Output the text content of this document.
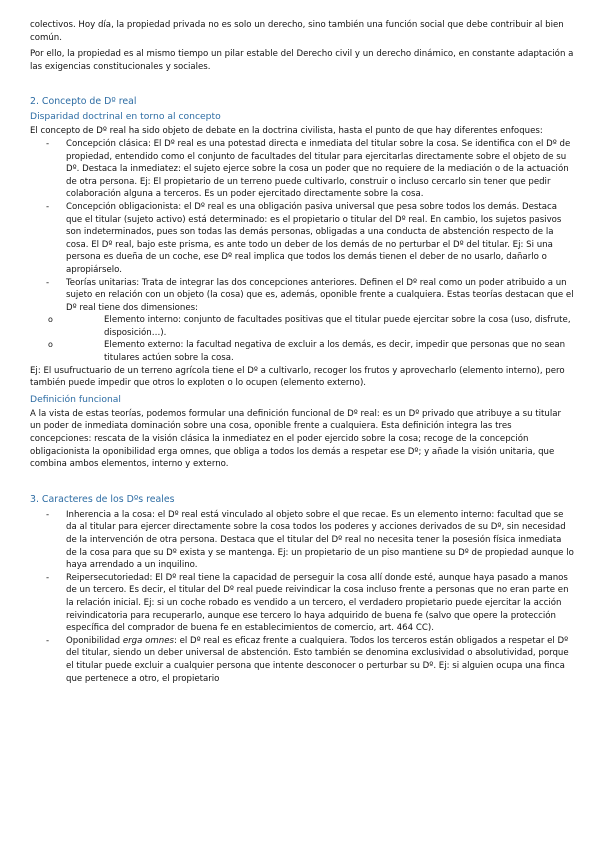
colectivos. Hoy día, la propiedad privada no es solo un derecho, sino también una función social que debe contribuir al bien común.

Por ello, la propiedad es al mismo tiempo un pilar estable del Derecho civil y un derecho dinámico, en constante adaptación a las exigencias constitucionales y sociales.

2. Concepto de Dº real
Disparidad doctrinal en torno al concepto

El concepto de Dº real ha sido objeto de debate en la doctrina civilista, hasta el punto de que hay diferentes enfoques:

- Concepción clásica: El Dº real es una potestad directa e inmediata del titular sobre la cosa. Se identifica con el Dº de propiedad, entendido como el conjunto de facultades del titular para ejercitarlas directamente sobre el objeto de su Dº. Destaca la inmediatez: el sujeto ejerce sobre la cosa un poder que no requiere de la mediación o de la actuación de otra persona. Ej: El propietario de un terreno puede cultivarlo, construir o incluso cercarlo sin tener que pedir colaboración alguna a terceros. Es un poder ejercitado directamente sobre la cosa.
- Concepción obligacionista: el Dº real es una obligación pasiva universal que pesa sobre todos los demás. Destaca que el titular (sujeto activo) está determinado: es el propietario o titular del Dº real. En cambio, los sujetos pasivos son indeterminados, pues son todas las demás personas, obligadas a una conducta de abstención respecto de la cosa. El Dº real, bajo este prisma, es ante todo un deber de los demás de no perturbar el Dº del titular. Ej: Si una persona es dueña de un coche, ese Dº real implica que todos los demás tienen el deber de no usarlo, dañarlo o apropiárselo.
- Teorías unitarias: Trata de integrar las dos concepciones anteriores. Definen el Dº real como un poder atribuido a un sujeto en relación con un objeto (la cosa) que es, además, oponible frente a cualquiera. Estas teorías destacan que el Dº real tiene dos dimensiones:
o Elemento interno: conjunto de facultades positivas que el titular puede ejercitar sobre la cosa (uso, disfrute, disposición…).
o Elemento externo: la facultad negativa de excluir a los demás, es decir, impedir que personas que no sean titulares actúen sobre la cosa.

Ej: El usufructuario de un terreno agrícola tiene el Dº a cultivarlo, recoger los frutos y aprovecharlo (elemento interno), pero también puede impedir que otros lo exploten o lo ocupen (elemento externo).

Definición funcional

A la vista de estas teorías, podemos formular una definición funcional de Dº real: es un Dº privado que atribuye a su titular un poder de inmediata dominación sobre una cosa, oponible frente a cualquiera. Esta definición integra las tres concepciones: rescata de la visión clásica la inmediatez en el poder ejercido sobre la cosa; recoge de la concepción obligacionista la oponibilidad erga omnes, que obliga a todos los demás a respetar ese Dº; y añade la visión unitaria, que combina ambos elementos, interno y externo.

3. Caracteres de los Dºs reales
- Inherencia a la cosa: el Dº real está vinculado al objeto sobre el que recae. Es un elemento interno: facultad que se da al titular para ejercer directamente sobre la cosa todos los poderes y acciones derivados de su Dº, sin necesidad de la intervención de otra persona. Destaca que el titular del Dº real no necesita tener la posesión física inmediata de la cosa para que su Dº exista y se mantenga. Ej: un propietario de un piso mantiene su Dº de propiedad aunque lo haya arrendado a un inquilino.
- Reipersecutoriedad: El Dº real tiene la capacidad de perseguir la cosa allí donde esté, aunque haya pasado a manos de un tercero. Es decir, el titular del Dº real puede reivindicar la cosa incluso frente a personas que no eran parte en la relación inicial. Ej: si un coche robado es vendido a un tercero, el verdadero propietario puede ejercitar la acción reivindicatoria para recuperarlo, aunque ese tercero lo haya adquirido de buena fe (salvo que opere la protección específica del comprador de buena fe en establecimientos de comercio, art. 464 CC).
- Oponibilidad erga omnes: el Dº real es eficaz frente a cualquiera. Todos los terceros están obligados a respetar el Dº del titular, siendo un deber universal de abstención. Esto también se denomina exclusividad o absolutividad, porque el titular puede excluir a cualquier persona que intente desconocer o perturbar su Dº. Ej: si alguien ocupa una finca que pertenece a otro, el propietario
